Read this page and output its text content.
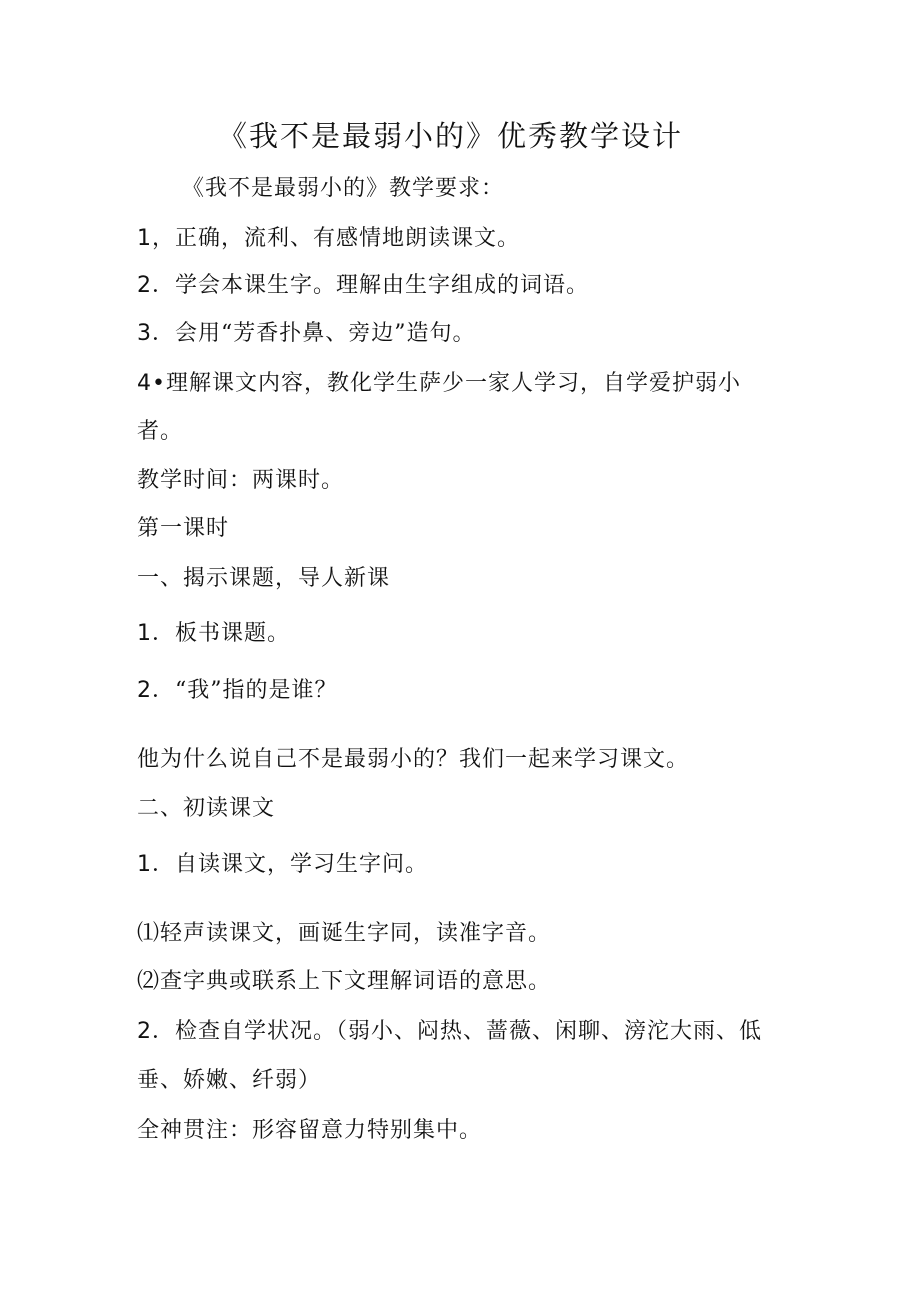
《我不是最弱小的》优秀教学设计
《我不是最弱小的》教学要求：
1，正确，流利、有感情地朗读课文。
2．学会本课生字。理解由生字组成的词语。
3．会用“芳香扑鼻、旁边”造句。
4•理解课文内容，教化学生萨少一家人学习，自学爱护弱小
者。
教学时间：两课时。
第一课时
一、揭示课题，导人新课
1．板书课题。
2．“我”指的是谁？
他为什么说自己不是最弱小的？我们一起来学习课文。
二、初读课文
1．自读课文，学习生字问。
⑴轻声读课文，画诞生字同，读准字音。
⑵查字典或联系上下文理解词语的意思。
2．检查自学状况。（弱小、闷热、蔷薇、闲聊、滂沱大雨、低
垂、娇嫩、纤弱）
全神贯注：形容留意力特别集中。
